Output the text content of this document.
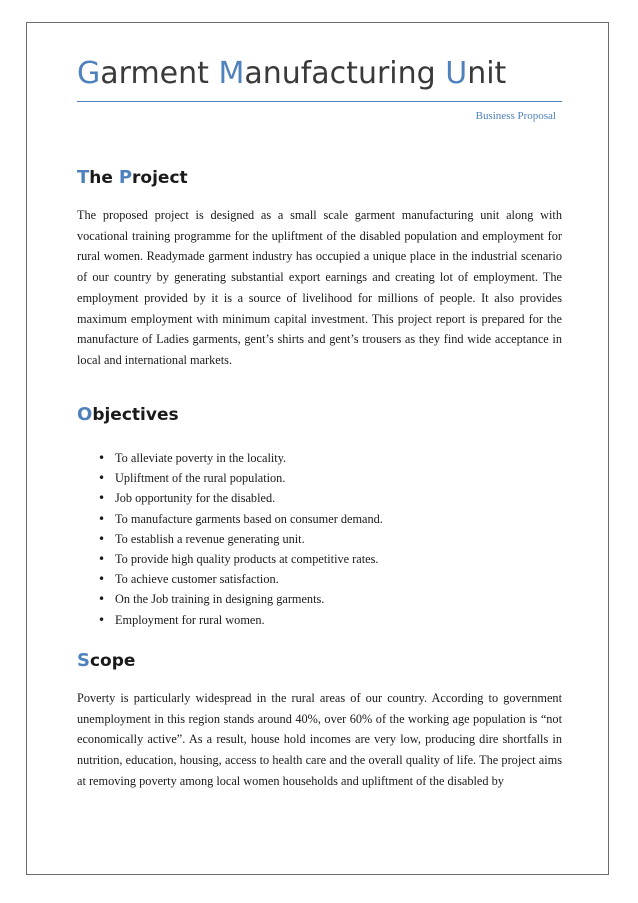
Garment Manufacturing Unit
Business Proposal
The Project

The proposed project is designed as a small scale garment manufacturing unit along with vocational training programme for the upliftment of the disabled population and employment for rural women. Readymade garment industry has occupied a unique place in the industrial scenario of our country by generating substantial export earnings and creating lot of employment. The employment provided by it is a source of livelihood for millions of people. It also provides maximum employment with minimum capital investment. This project report is prepared for the manufacture of Ladies garments, gent’s shirts and gent’s trousers as they find wide acceptance in local and international markets.

Objectives
• To alleviate poverty in the locality.
• Upliftment of the rural population.
• Job opportunity for the disabled.
• To manufacture garments based on consumer demand.
• To establish a revenue generating unit.
• To provide high quality products at competitive rates.
• To achieve customer satisfaction.
• On the Job training in designing garments.
• Employment for rural women.
Scope

Poverty is particularly widespread in the rural areas of our country. According to government unemployment in this region stands around 40%, over 60% of the working age population is “not economically active”. As a result, house hold incomes are very low, producing dire shortfalls in nutrition, education, housing, access to health care and the overall quality of life. The project aims at removing poverty among local women households and upliftment of the disabled by
